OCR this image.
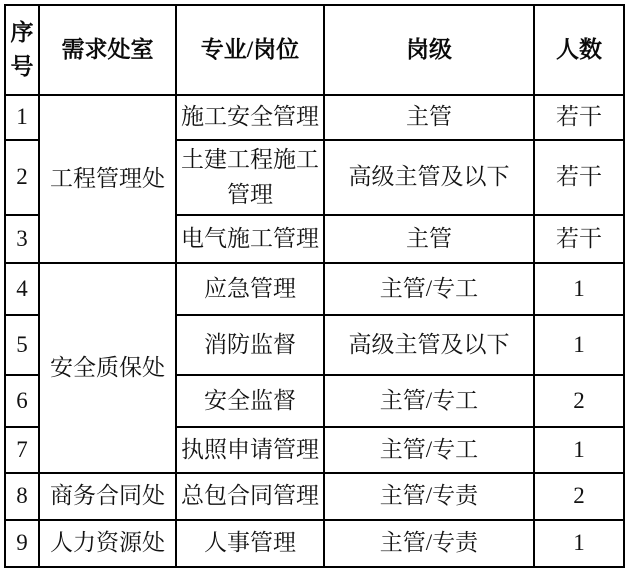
序号	需求处室	专业/岗位	岗级	人数
1	工程管理处	施工安全管理	主管	若干
2		土建工程施工管理	高级主管及以下	若干
3		电气施工管理	主管	若干
4	安全质保处	应急管理	主管/专工	1
5		消防监督	高级主管及以下	1
6		安全监督	主管/专工	2
7		执照申请管理	主管/专工	1
8	商务合同处	总包合同管理	主管/专责	2
9	人力资源处	人事管理	主管/专责	1
